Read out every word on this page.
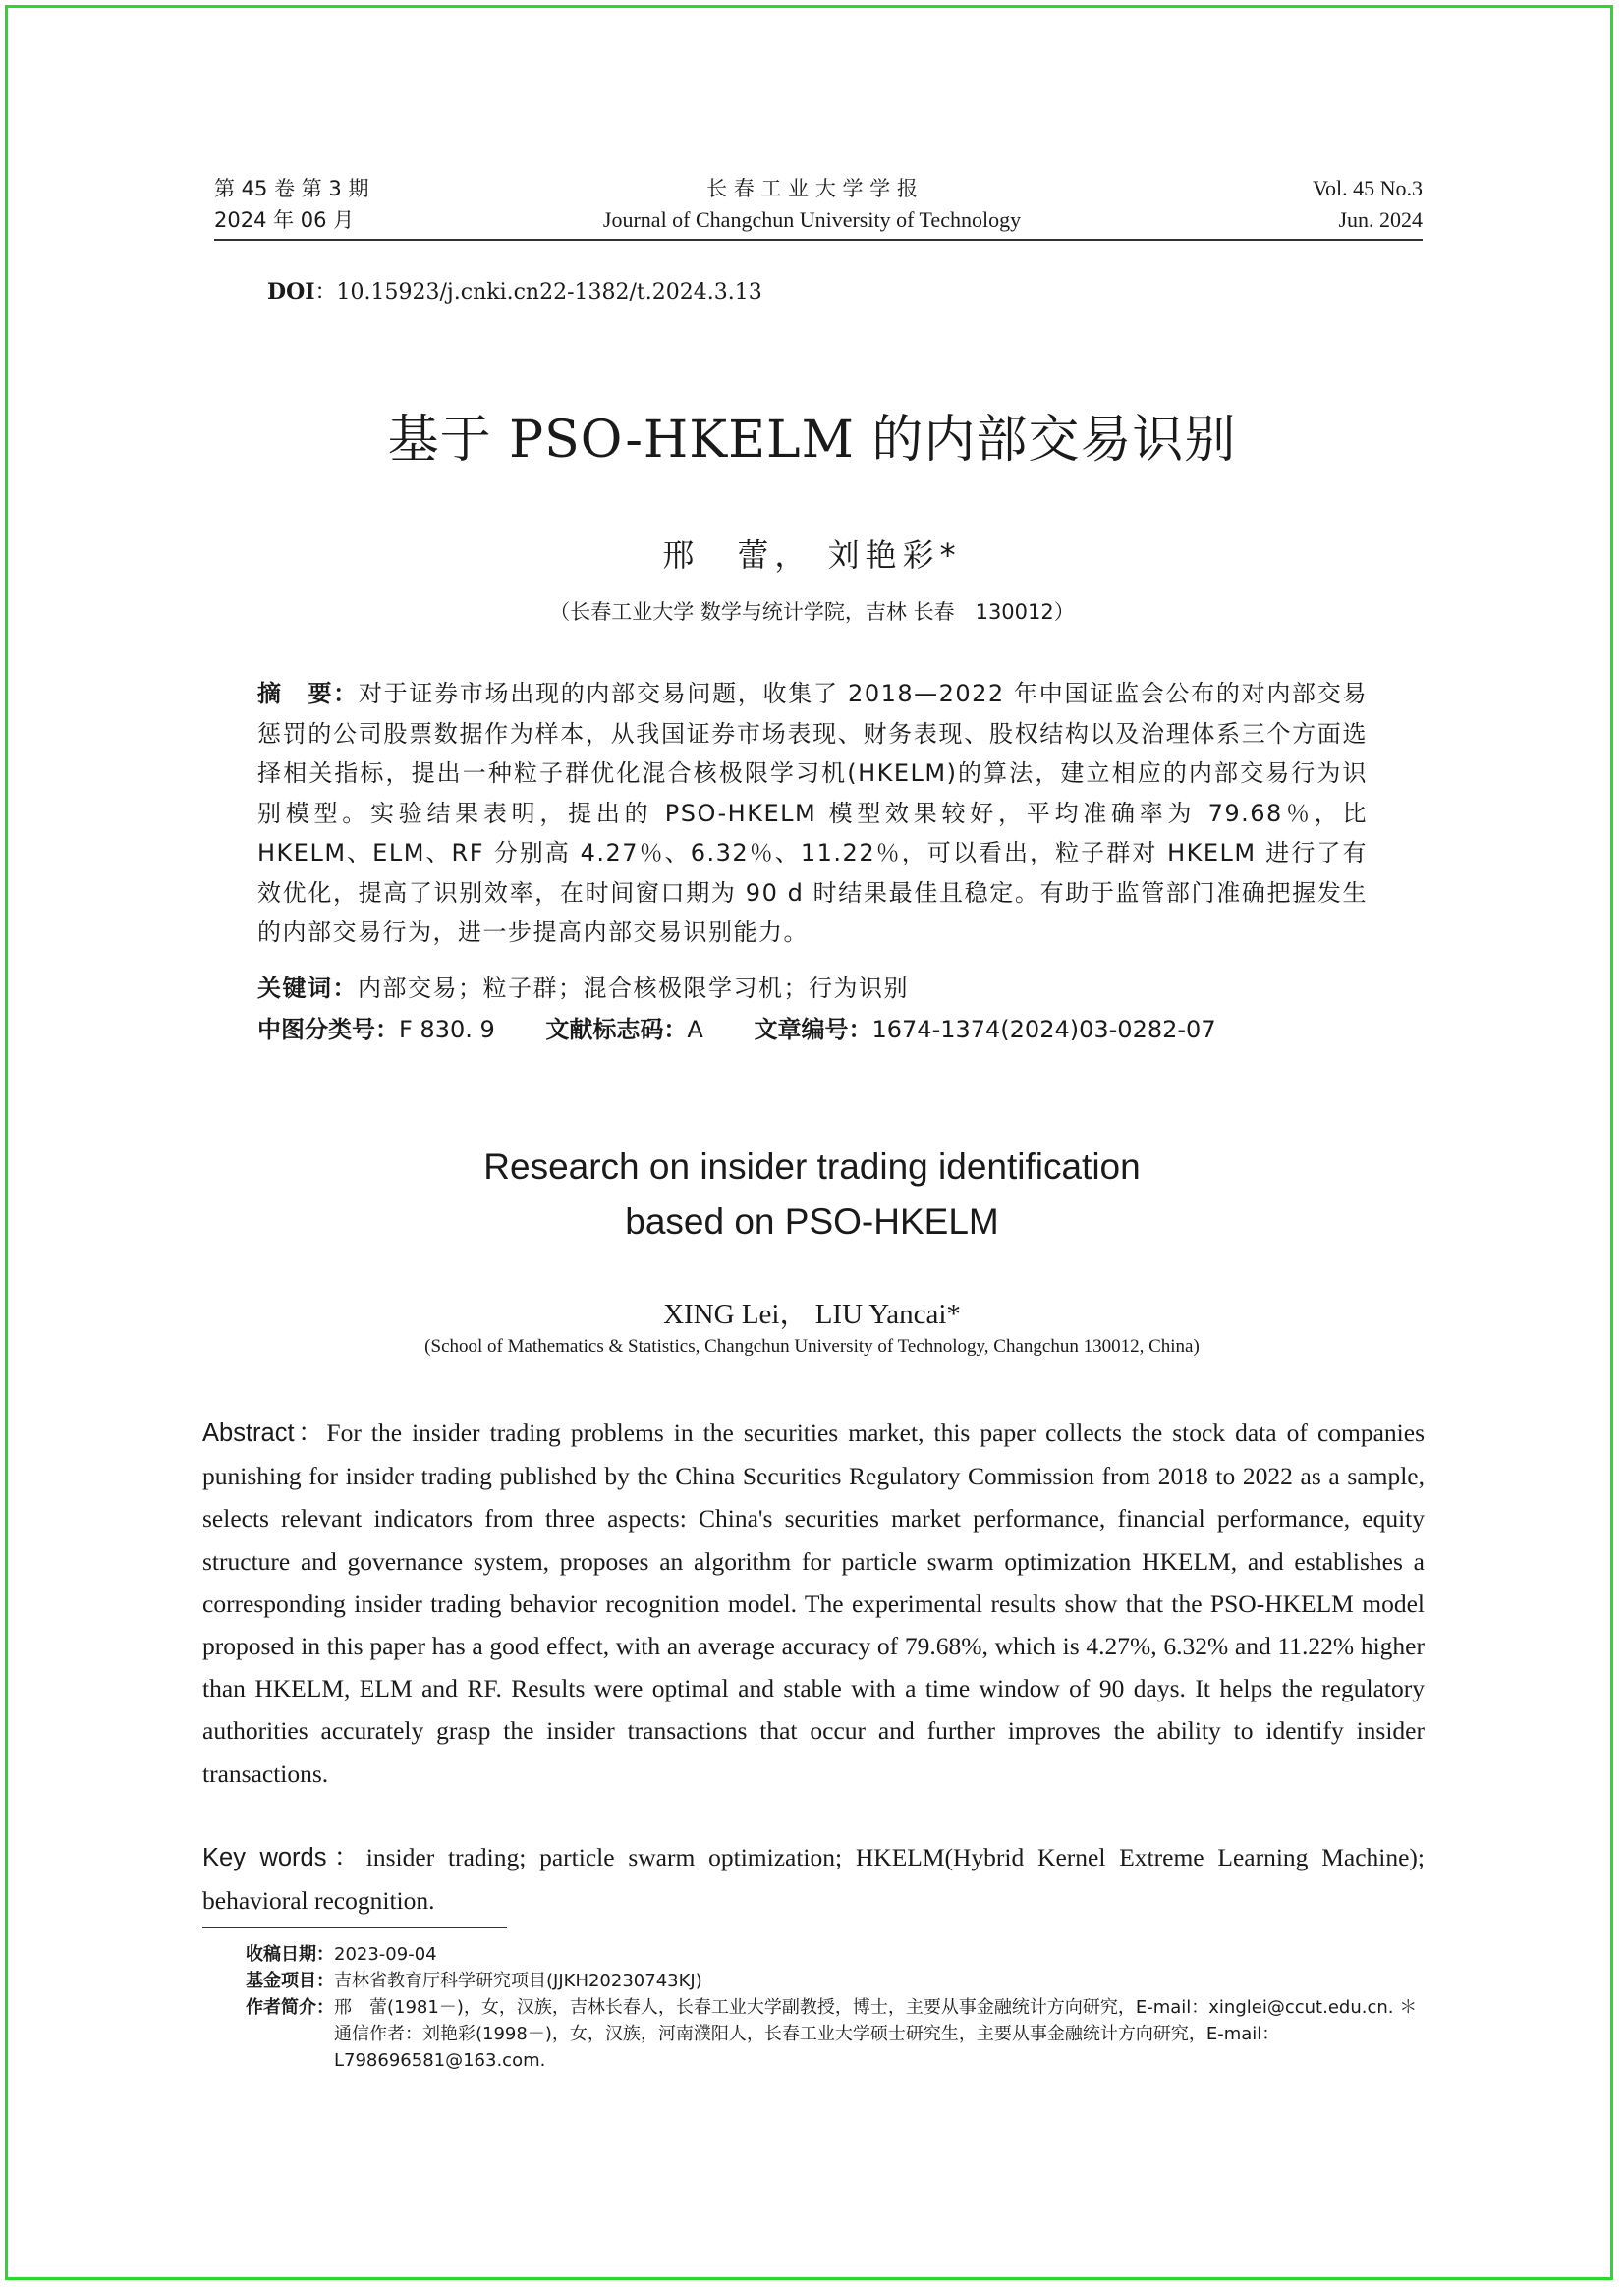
第 45 卷 第 3 期
2024 年 06 月
长 春 工 业 大 学 学 报
Journal of Changchun University of Technology
Vol. 45 No.3
Jun. 2024
DOI：10.15923/j.cnki.cn22-1382/t.2024.3.13
基于 PSO-HKELM 的内部交易识别
邢　蕾， 刘艳彩*
（长春工业大学 数学与统计学院，吉林 长春　130012）
摘　要：对于证券市场出现的内部交易问题，收集了 2018—2022 年中国证监会公布的对内部交易惩罚的公司股票数据作为样本，从我国证券市场表现、财务表现、股权结构以及治理体系三个方面选择相关指标，提出一种粒子群优化混合核极限学习机(HKELM)的算法，建立相应的内部交易行为识别模型。实验结果表明，提出的 PSO-HKELM 模型效果较好，平均准确率为 79.68％，比 HKELM、ELM、RF 分别高 4.27％、6.32％、11.22％，可以看出，粒子群对 HKELM 进行了有效优化，提高了识别效率，在时间窗口期为 90 d 时结果最佳且稳定。有助于监管部门准确把握发生的内部交易行为，进一步提高内部交易识别能力。
关键词：内部交易；粒子群；混合核极限学习机；行为识别
中图分类号：F 830. 9 文献标志码：A 文章编号：1674-1374(2024)03-0282-07
Research on insider trading identification
based on PSO-HKELM
XING Lei， LIU Yancai*
(School of Mathematics & Statistics, Changchun University of Technology, Changchun 130012, China)
Abstract：For the insider trading problems in the securities market, this paper collects the stock data of companies punishing for insider trading published by the China Securities Regulatory Commission from 2018 to 2022 as a sample, selects relevant indicators from three aspects: China's securities market performance, financial performance, equity structure and governance system, proposes an algorithm for particle swarm optimization HKELM, and establishes a corresponding insider trading behavior recognition model. The experimental results show that the PSO-HKELM model proposed in this paper has a good effect, with an average accuracy of 79.68%, which is 4.27%, 6.32% and 11.22% higher than HKELM, ELM and RF. Results were optimal and stable with a time window of 90 days. It helps the regulatory authorities accurately grasp the insider transactions that occur and further improves the ability to identify insider transactions.
Key words：insider trading; particle swarm optimization; HKELM(Hybrid Kernel Extreme Learning Machine); behavioral recognition.
收稿日期： 2023-09-04
基金项目： 吉林省教育厅科学研究项目(JJKH20230743KJ)
作者简介： 邢　蕾(1981－)，女，汉族，吉林长春人，长春工业大学副教授，博士，主要从事金融统计方向研究，E-mail：xinglei@ccut.edu.cn. ＊通信作者：刘艳彩(1998－)，女，汉族，河南濮阳人，长春工业大学硕士研究生，主要从事金融统计方向研究，E-mail：L798696581@163.com.
